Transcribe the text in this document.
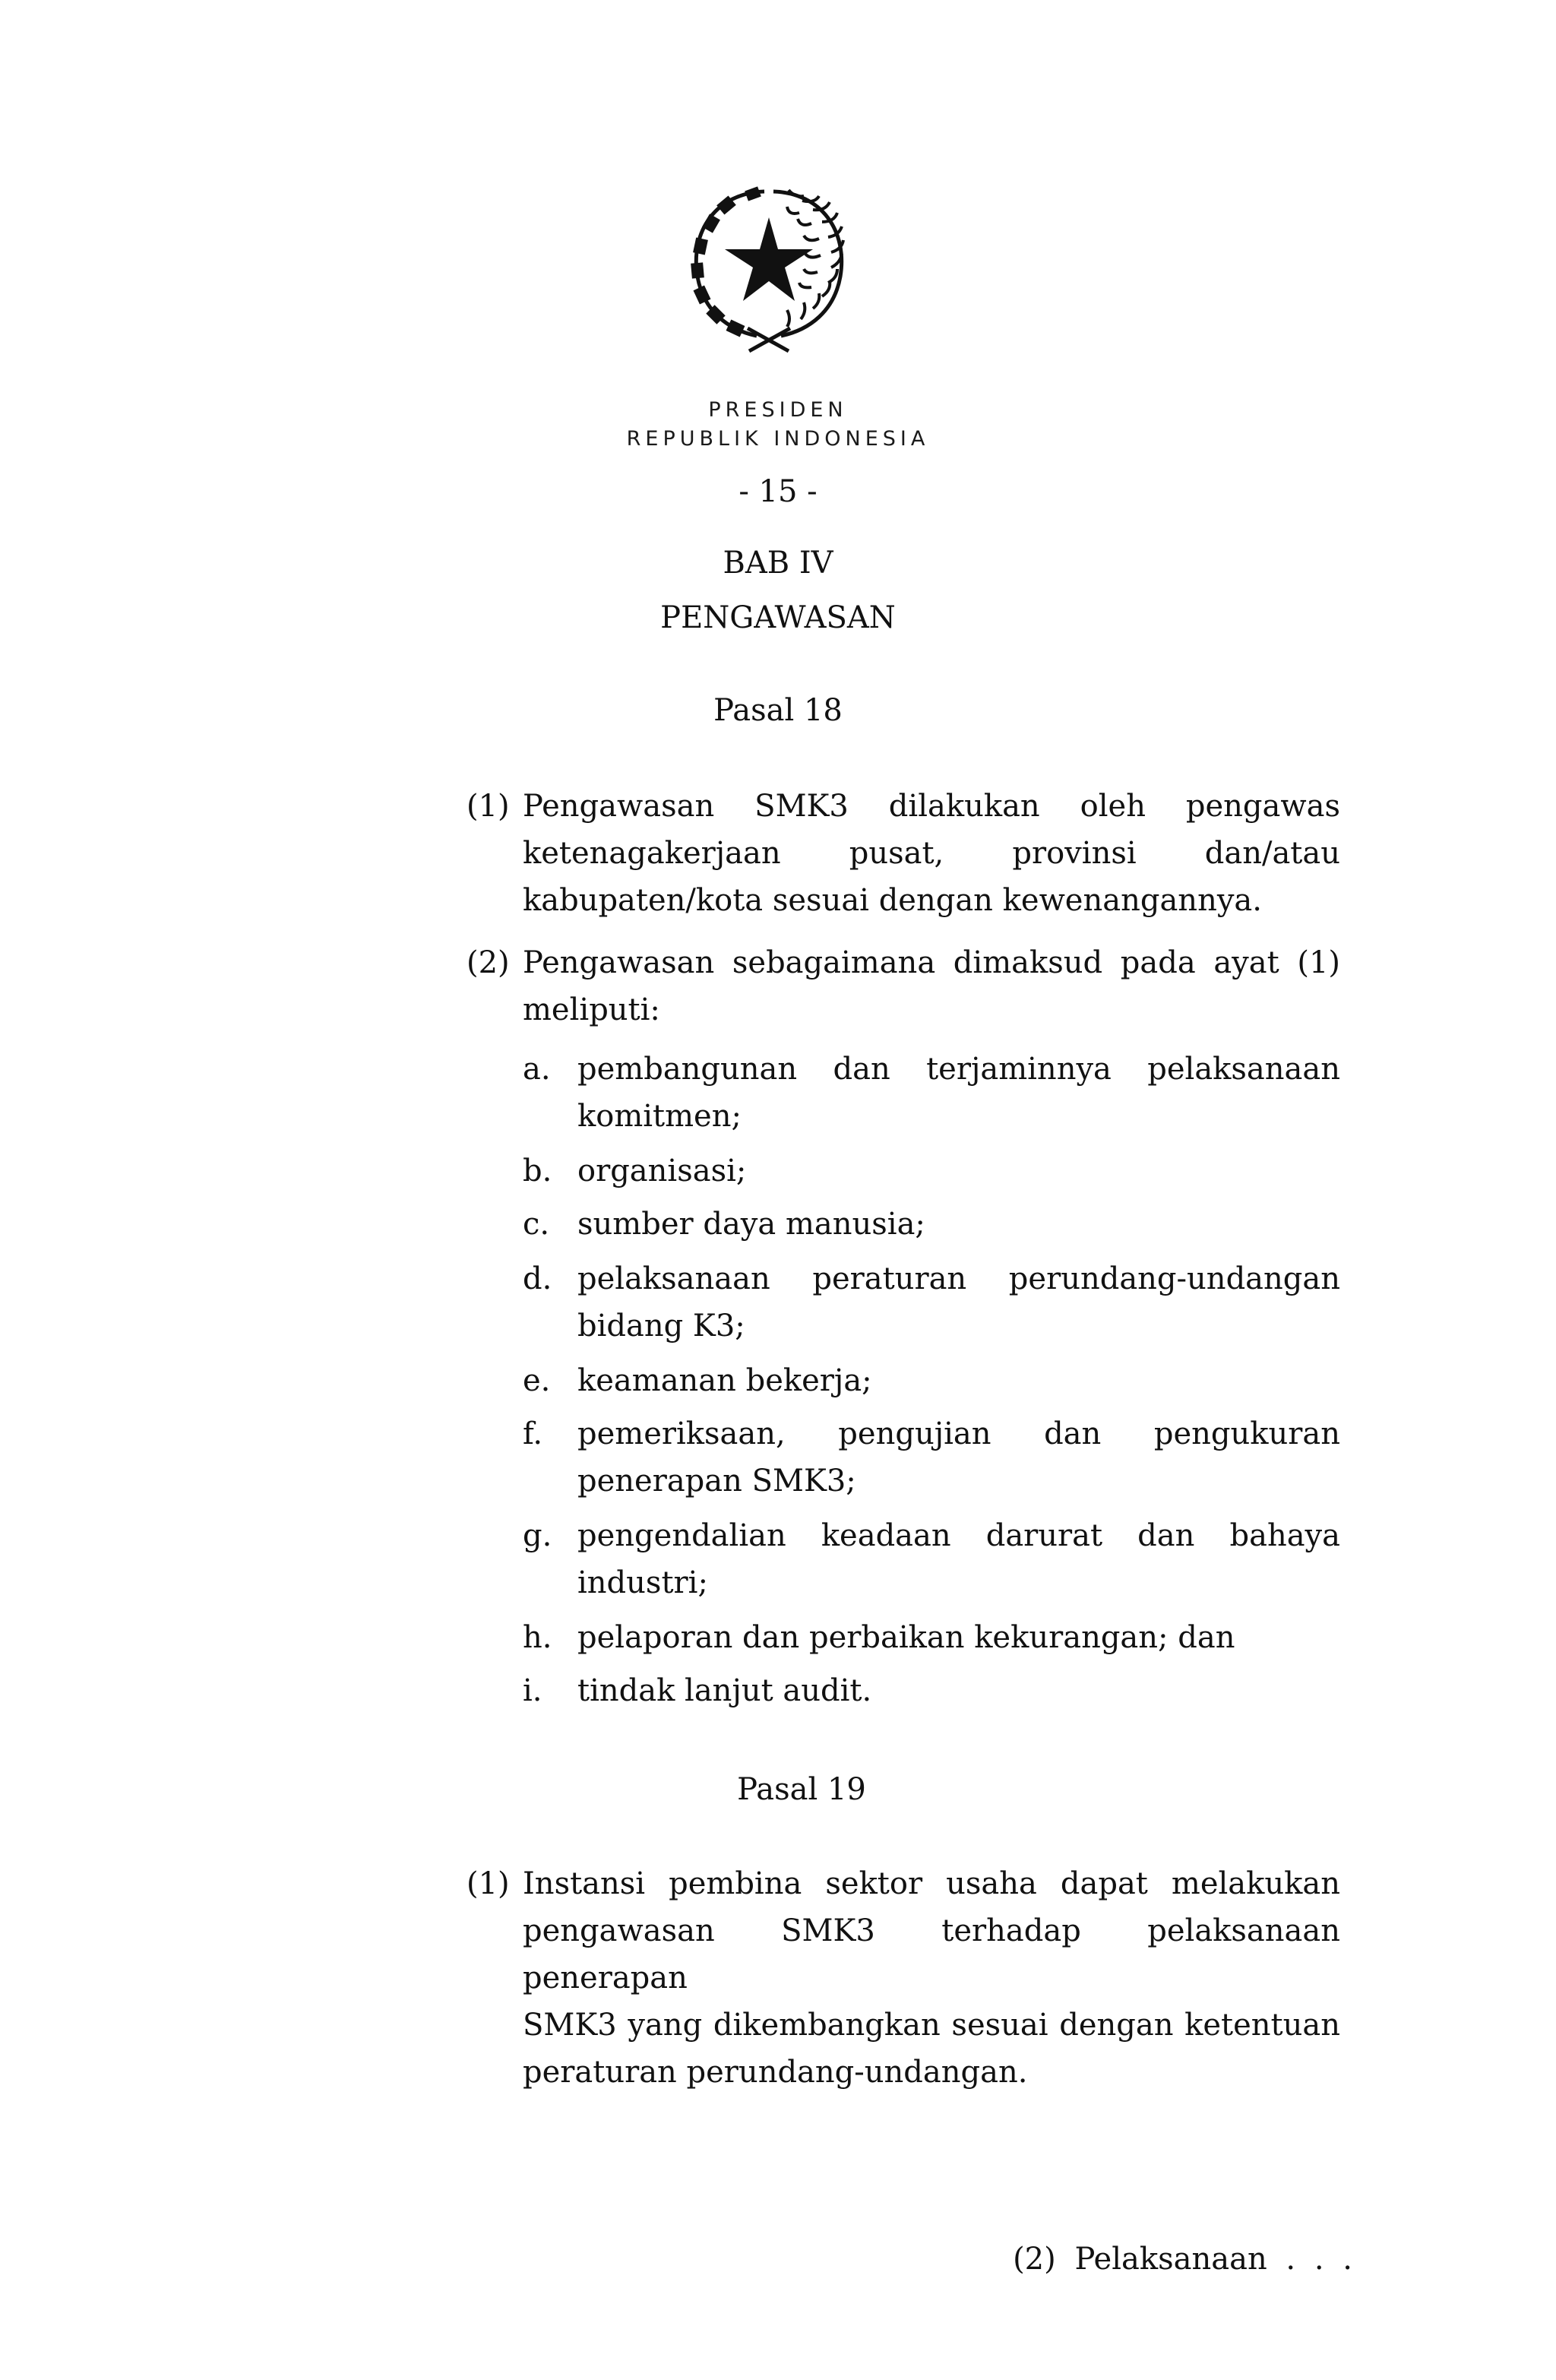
PRESIDEN
REPUBLIK INDONESIA
- 15 -
BAB IV
PENGAWASAN
Pasal 18
(1) Pengawasan SMK3 dilakukan oleh pengawas
ketenagakerjaan pusat, provinsi dan/atau
kabupaten/kota sesuai dengan kewenangannya.
(2) Pengawasan sebagaimana dimaksud pada ayat (1)
meliputi:
a. pembangunan dan terjaminnya pelaksanaan
komitmen;
b. organisasi;
c. sumber daya manusia;
d. pelaksanaan peraturan perundang-undangan
bidang K3;
e. keamanan bekerja;
f. pemeriksaan, pengujian dan pengukuran
penerapan SMK3;
g. pengendalian keadaan darurat dan bahaya
industri;
h. pelaporan dan perbaikan kekurangan; dan
i. tindak lanjut audit.
Pasal 19
(1) Instansi pembina sektor usaha dapat melakukan
pengawasan SMK3 terhadap pelaksanaan penerapan
SMK3 yang dikembangkan sesuai dengan ketentuan
peraturan perundang-undangan.
(2) Pelaksanaan . . .
